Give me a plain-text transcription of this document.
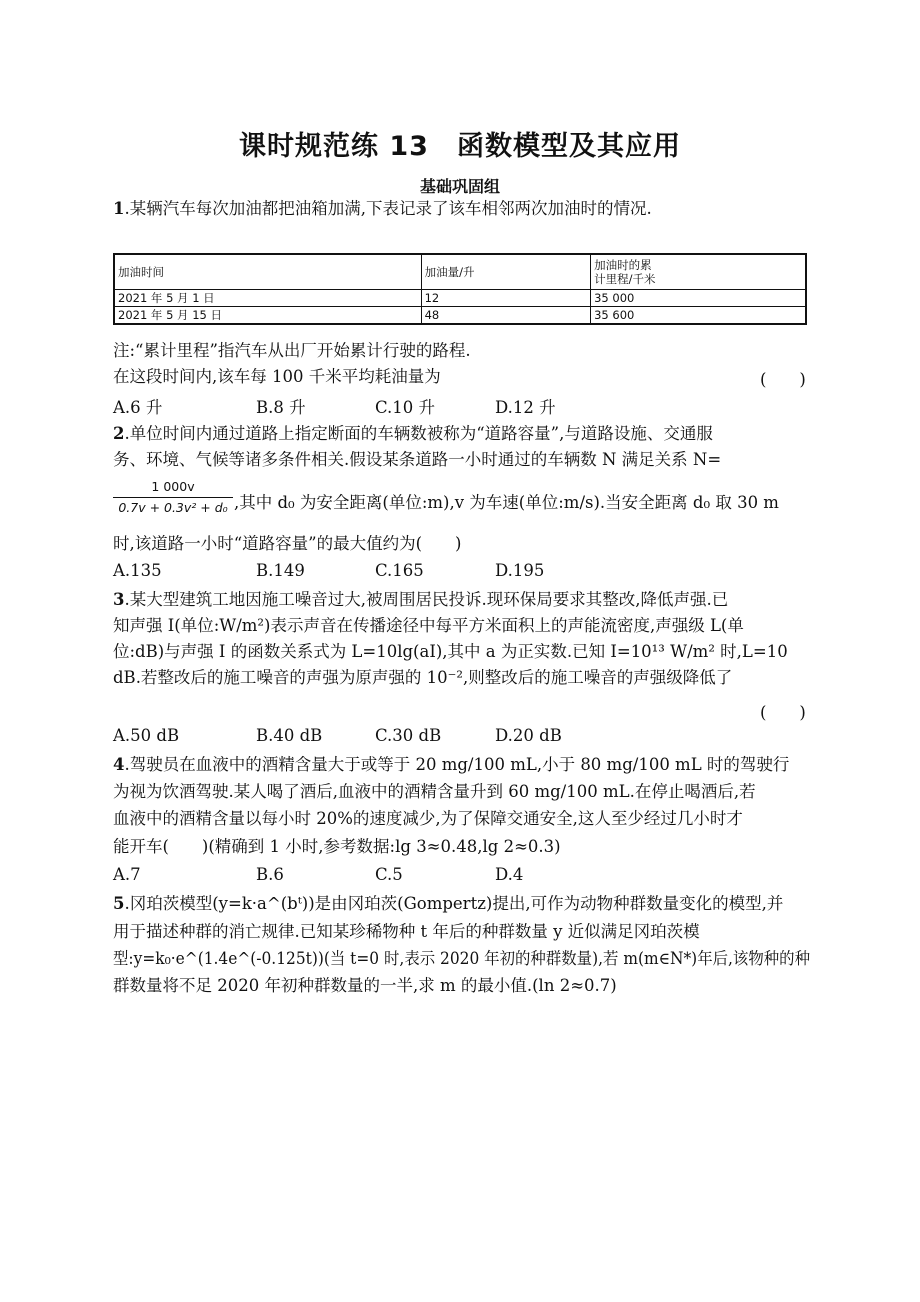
课时规范练 13　函数模型及其应用
基础巩固组
1.某辆汽车每次加油都把油箱加满,下表记录了该车相邻两次加油时的情况.
加油时间	加油量/升	加油时的累
计里程/千米
2021 年 5 月 1 日	12	35 000
2021 年 5 月 15 日	48	35 600
注:“累计里程”指汽车从出厂开始累计行驶的路程.
在这段时间内,该车每 100 千米平均耗油量为	(　　)
A.6 升	B.8 升	C.10 升	D.12 升
2.单位时间内通过道路上指定断面的车辆数被称为“道路容量”,与道路设施、交通服
务、环境、气候等诸多条件相关.假设某条道路一小时通过的车辆数 N 满足关系 N=
1 000v
0.7v + 0.3v² + d₀ ,其中 d₀ 为安全距离(单位:m),v 为车速(单位:m/s).当安全距离 d₀ 取 30 m
时,该道路一小时“道路容量”的最大值约为(　　)
A.135	B.149	C.165	D.195
3.某大型建筑工地因施工噪音过大,被周围居民投诉.现环保局要求其整改,降低声强.已
知声强 I(单位:W/m²)表示声音在传播途径中每平方米面积上的声能流密度,声强级 L(单
位:dB)与声强 I 的函数关系式为 L=10lg(aI),其中 a 为正实数.已知 I=10¹³ W/m² 时,L=10
dB.若整改后的施工噪音的声强为原声强的 10⁻²,则整改后的施工噪音的声强级降低了
(　　)
A.50 dB	B.40 dB	C.30 dB	D.20 dB
4.驾驶员在血液中的酒精含量大于或等于 20 mg/100 mL,小于 80 mg/100 mL 时的驾驶行
为视为饮酒驾驶.某人喝了酒后,血液中的酒精含量升到 60 mg/100 mL.在停止喝酒后,若
血液中的酒精含量以每小时 20%的速度减少,为了保障交通安全,这人至少经过几小时才
能开车(　　)(精确到 1 小时,参考数据:lg 3≈0.48,lg 2≈0.3)
A.7	B.6	C.5	D.4
5.冈珀茨模型(y=k·a^(bᵗ))是由冈珀茨(Gompertz)提出,可作为动物种群数量变化的模型,并
用于描述种群的消亡规律.已知某珍稀物种 t 年后的种群数量 y 近似满足冈珀茨模
型:y=k₀·e^(1.4e^(-0.125t))(当 t=0 时,表示 2020 年初的种群数量),若 m(m∈N*)年后,该物种的种
群数量将不足 2020 年初种群数量的一半,求 m 的最小值.(ln 2≈0.7)
